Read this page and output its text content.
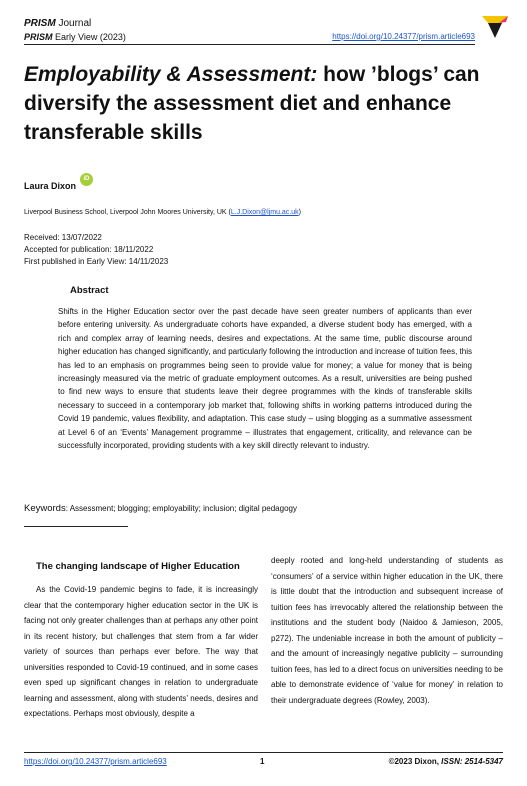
PRISM Journal
PRISM Early View (2023)	https://doi.org/10.24377/prism.article693
Employability & Assessment: how ’blogs’ can diversify the assessment diet and enhance transferable skills
Laura Dixon
iD
Liverpool Business School, Liverpool John Moores University, UK (L.J.Dixon@ljmu.ac.uk)
Received: 13/07/2022
Accepted for publication: 18/11/2022
First published in Early View: 14/11/2023
Abstract
Shifts in the Higher Education sector over the past decade have seen greater numbers of applicants than ever before entering university. As undergraduate cohorts have expanded, a diverse student body has emerged, with a rich and complex array of learning needs, desires and expectations. At the same time, public discourse around higher education has changed significantly, and particularly following the introduction and increase of tuition fees, this has led to an emphasis on programmes being seen to provide value for money; a value for money that is being increasingly measured via the metric of graduate employment outcomes. As a result, universities are being pushed to find new ways to ensure that students leave their degree programmes with the kinds of transferable skills necessary to succeed in a contemporary job market that, following shifts in working patterns introduced during the Covid 19 pandemic, values flexibility, and adaptation. This case study – using blogging as a summative assessment at Level 6 of an ‘Events’ Management programme – illustrates that engagement, criticality, and relevance can be successfully incorporated, providing students with a key skill directly relevant to industry.
Keywords: Assessment; blogging; employability; inclusion; digital pedagogy
The changing landscape of Higher Education
As the Covid-19 pandemic begins to fade, it is increasingly clear that the contemporary higher education sector in the UK is facing not only greater challenges than at perhaps any other point in its recent history, but challenges that stem from a far wider variety of sources than perhaps ever before. The way that universities responded to Covid-19 continued, and in some cases even sped up significant changes in relation to undergraduate learning and assessment, along with students’ needs, desires and expectations. Perhaps most obviously, despite a
deeply rooted and long-held understanding of students as ‘consumers’ of a service within higher education in the UK, there is little doubt that the introduction and subsequent increase of tuition fees has irrevocably altered the relationship between the institutions and the student body (Naidoo & Jamieson, 2005, p272). The undeniable increase in both the amount of publicity – and the amount of increasingly negative publicity – surrounding tuition fees, has led to a direct focus on universities needing to be able to demonstrate evidence of ‘value for money’ in relation to their undergraduate degrees (Rowley, 2003).
https://doi.org/10.24377/prism.article693	1	©2023 Dixon, ISSN: 2514-5347
